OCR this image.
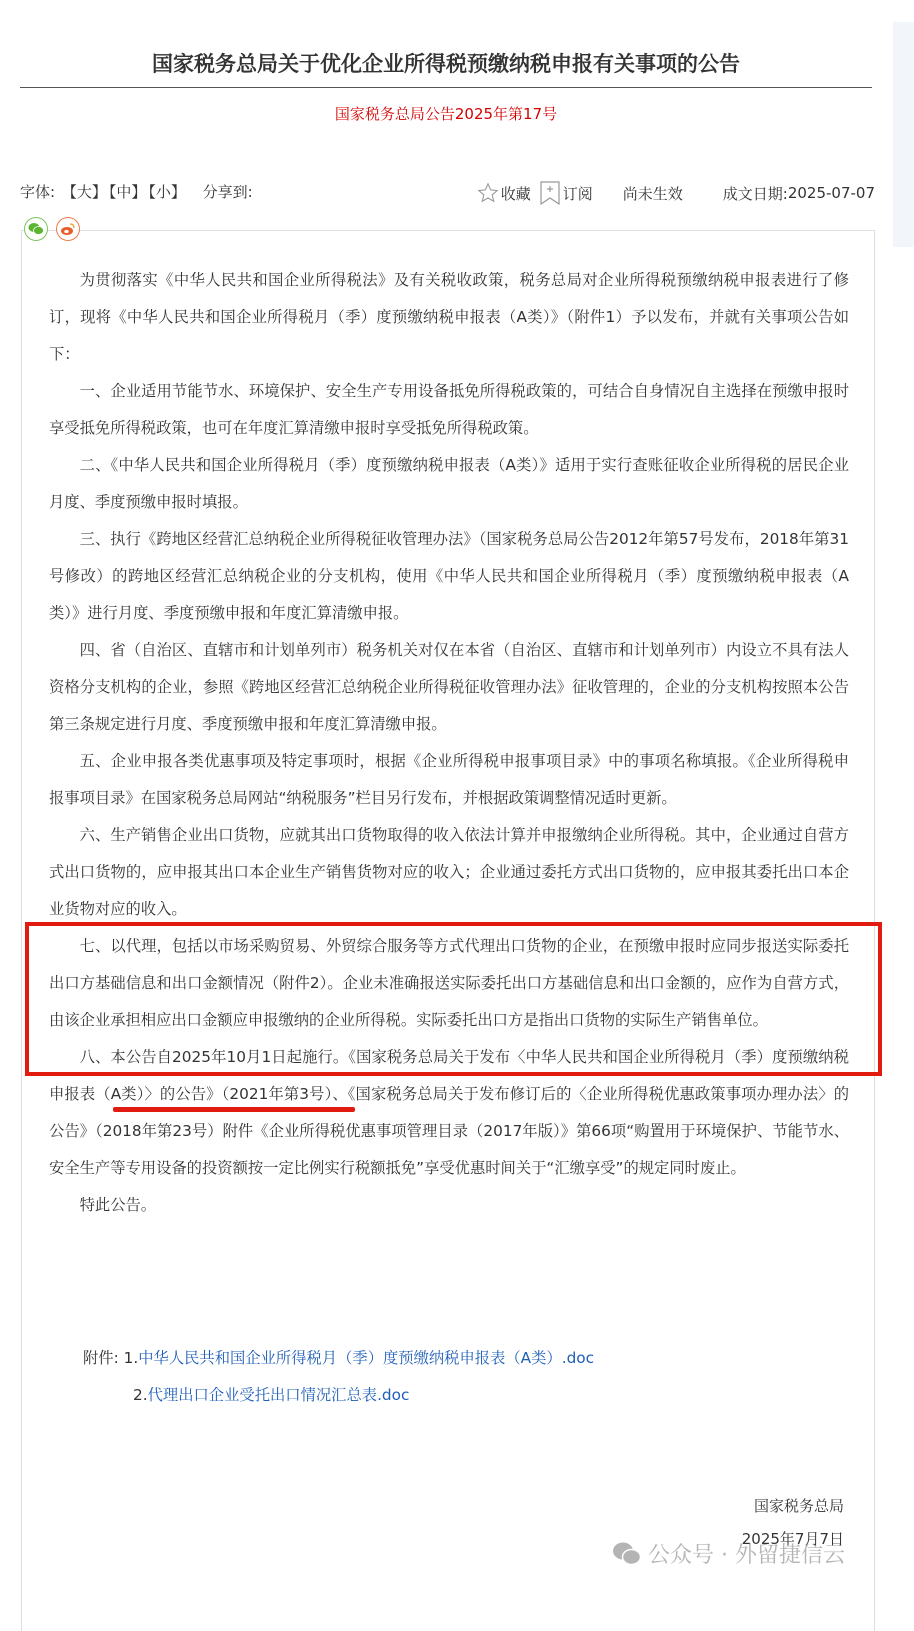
国家税务总局关于优化企业所得税预缴纳税申报有关事项的公告
国家税务总局公告2025年第17号
字体: 【大】 【中】 【小】 分享到:	收藏 订阅 尚未生效	成文日期: 2025-07-07

为贯彻落实《中华人民共和国企业所得税法》及有关税收政策，税务总局对企业所得税预缴纳税申报表进行了修订，现将《中华人民共和国企业所得税月（季）度预缴纳税申报表（A类）》（附件1）予以发布，并就有关事项公告如下：

一、企业适用节能节水、环境保护、安全生产专用设备抵免所得税政策的，可结合自身情况自主选择在预缴申报时享受抵免所得税政策，也可在年度汇算清缴申报时享受抵免所得税政策。

二、《中华人民共和国企业所得税月（季）度预缴纳税申报表（A类）》适用于实行查账征收企业所得税的居民企业月度、季度预缴申报时填报。

三、执行《跨地区经营汇总纳税企业所得税征收管理办法》（国家税务总局公告2012年第57号发布，2018年第31号修改）的跨地区经营汇总纳税企业的分支机构，使用《中华人民共和国企业所得税月（季）度预缴纳税申报表（A类）》进行月度、季度预缴申报和年度汇算清缴申报。

四、省（自治区、直辖市和计划单列市）税务机关对仅在本省（自治区、直辖市和计划单列市）内设立不具有法人资格分支机构的企业，参照《跨地区经营汇总纳税企业所得税征收管理办法》征收管理的，企业的分支机构按照本公告第三条规定进行月度、季度预缴申报和年度汇算清缴申报。

五、企业申报各类优惠事项及特定事项时，根据《企业所得税申报事项目录》中的事项名称填报。《企业所得税申报事项目录》在国家税务总局网站“纳税服务”栏目另行发布，并根据政策调整情况适时更新。

六、生产销售企业出口货物，应就其出口货物取得的收入依法计算并申报缴纳企业所得税。其中，企业通过自营方式出口货物的，应申报其出口本企业生产销售货物对应的收入；企业通过委托方式出口货物的，应申报其委托出口本企业货物对应的收入。

七、以代理，包括以市场采购贸易、外贸综合服务等方式代理出口货物的企业，在预缴申报时应同步报送实际委托出口方基础信息和出口金额情况（附件2）。企业未准确报送实际委托出口方基础信息和出口金额的，应作为自营方式，由该企业承担相应出口金额应申报缴纳的企业所得税。实际委托出口方是指出口货物的实际生产销售单位。

八、本公告自2025年10月1日起施行。《国家税务总局关于发布〈中华人民共和国企业所得税月（季）度预缴纳税申报表（A类）〉的公告》（2021年第3号）、《国家税务总局关于发布修订后的〈企业所得税优惠政策事项办理办法〉的公告》（2018年第23号）附件《企业所得税优惠事项管理目录（2017年版）》第66项“购置用于环境保护、节能节水、安全生产等专用设备的投资额按一定比例实行税额抵免”享受优惠时间关于“汇缴享受”的规定同时废止。

特此公告。

附件: 1.中华人民共和国企业所得税月（季）度预缴纳税申报表（A类）.doc
2.代理出口企业受托出口情况汇总表.doc
公众号 · 外留捷信云
国家税务总局
2025年7月7日
